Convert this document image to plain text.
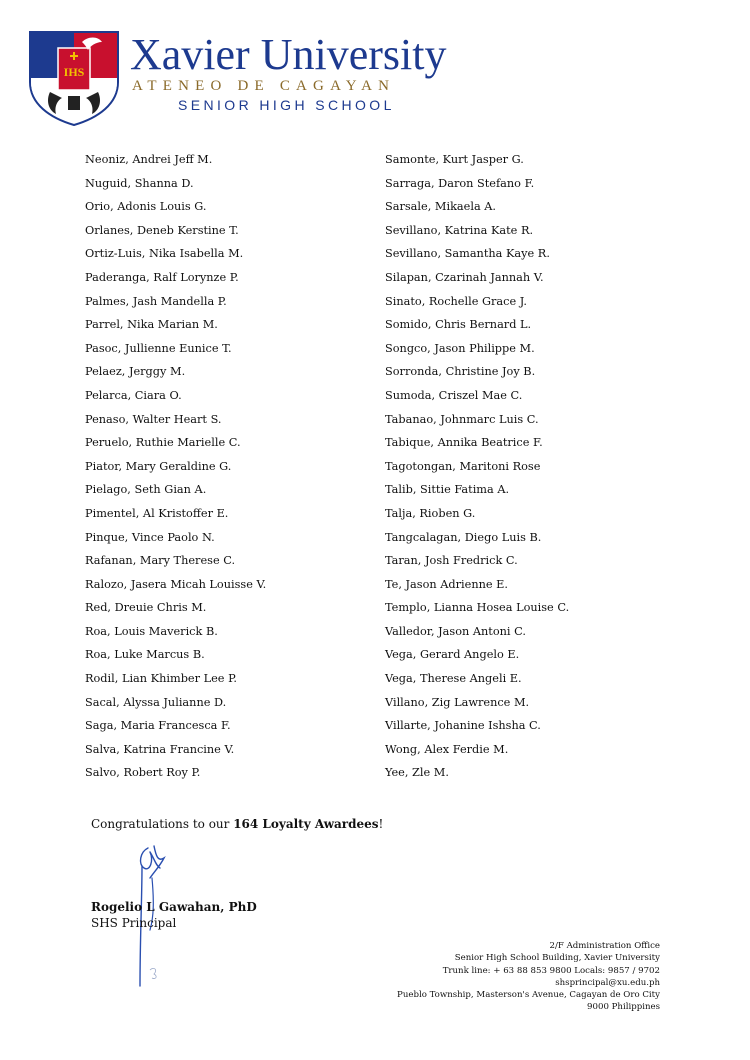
IHS Xavier University
ATENEO DE CAGAYAN
SENIOR HIGH SCHOOL
Neoniz, Andrei Jeff M.
Nuguid, Shanna D.
Orio, Adonis Louis G.
Orlanes, Deneb Kerstine T.
Ortiz-Luis, Nika Isabella M.
Paderanga, Ralf Lorynze P.
Palmes, Jash Mandella P.
Parrel, Nika Marian M.
Pasoc, Jullienne Eunice T.
Pelaez, Jerggy M.
Pelarca, Ciara O.
Penaso, Walter Heart S.
Peruelo, Ruthie Marielle C.
Piator, Mary Geraldine G.
Pielago, Seth Gian A.
Pimentel, Al Kristoffer E.
Pinque, Vince Paolo N.
Rafanan, Mary Therese C.
Ralozo, Jasera Micah Louisse V.
Red, Dreuie Chris M.
Roa, Louis Maverick B.
Roa, Luke Marcus B.
Rodil, Lian Khimber Lee P.
Sacal, Alyssa Julianne D.
Saga, Maria Francesca F.
Salva, Katrina Francine V.
Salvo, Robert Roy P.
Samonte, Kurt Jasper G.
Sarraga, Daron Stefano F.
Sarsale, Mikaela A.
Sevillano, Katrina Kate R.
Sevillano, Samantha Kaye R.
Silapan, Czarinah Jannah V.
Sinato, Rochelle Grace J.
Somido, Chris Bernard L.
Songco, Jason Philippe M.
Sorronda, Christine Joy B.
Sumoda, Criszel Mae C.
Tabanao, Johnmarc Luis C.
Tabique, Annika Beatrice F.
Tagotongan, Maritoni Rose
Talib, Sittie Fatima A.
Talja, Rioben G.
Tangcalagan, Diego Luis B.
Taran, Josh Fredrick C.
Te, Jason Adrienne E.
Templo, Lianna Hosea Louise C.
Valledor, Jason Antoni C.
Vega, Gerard Angelo E.
Vega, Therese Angeli E.
Villano, Zig Lawrence M.
Villarte, Johanine Ishsha C.
Wong, Alex Ferdie M.
Yee, Zle M.
Congratulations to our 164 Loyalty Awardees!
Rogelio L Gawahan, PhD
SHS Principal
2/F Administration Office
Senior High School Building, Xavier University
Trunk line: + 63 88 853 9800 Locals: 9857 / 9702
shsprincipal@xu.edu.ph
Pueblo Township, Masterson's Avenue, Cagayan de Oro City
9000 Philippines
